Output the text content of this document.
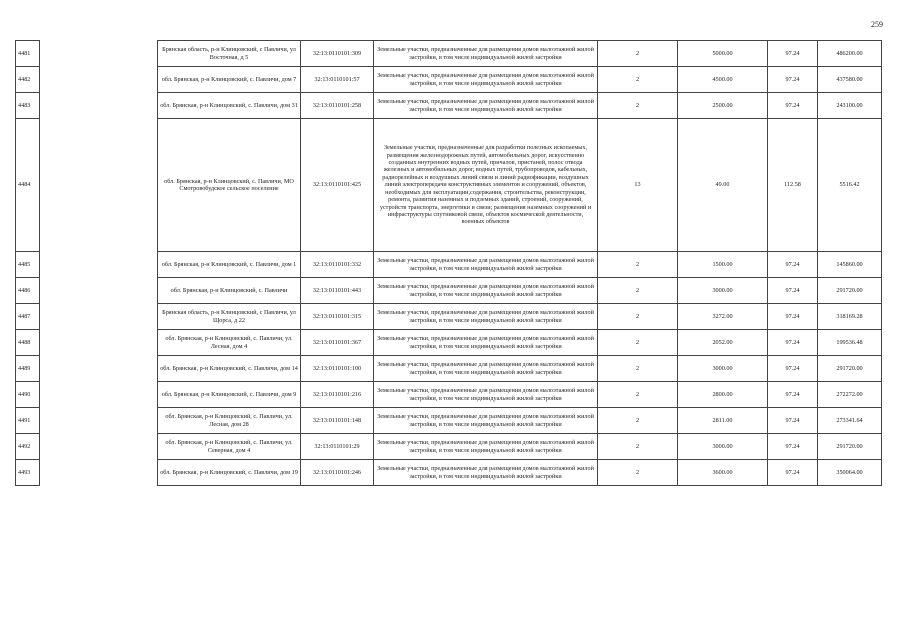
259
4481		Брянская область, р-н Клинцовский, с Павличи, ул Восточная, д 5	32:13:0110101:309	Земельные участки, предназначенные для размещения домов малоэтажной жилой застройки, в том числе индивидуальной жилой застройки	2	5000.00	97.24	486200.00
4482		обл. Брянская, р-н Клинцовский, с. Павличи, дом 7	32:13:0110101:57	Земельные участки, предназначенные для размещения домов малоэтажной жилой застройки, в том числе индивидуальной жилой застройки	2	4500.00	97.24	437580.00
4483		обл. Брянская, р-н Клинцовский, с. Павличи, дом 31	32:13:0110101:258	Земельные участки, предназначенные для размещения домов малоэтажной жилой застройки, в том числе индивидуальной жилой застройки	2	2500.00	97.24	243100.00
4484		обл. Брянская, р-н Клинцовский, с. Павличи, МО Смотровобудское сельское поселение	32:13:0110101:425	Земельные участки, предназначенные для разработки полезных ископаемых, размещения железнодорожных путей, автомобильных дорог, искусственно созданных внутренних водных путей, причалов, пристаней, полос отвода железных и автомобильных дорог, водных путей, трубопроводов, кабельных, радиорелейных и воздушных линий связи и линий радиофикации, воздушных линий электропередачи конструктивных элементов и сооружений, объектов, необходимых для эксплуатации,содержания, строительства, реконструкции, ремонта, развития наземных и подземных зданий, строений, сооружений, устройств транспорта, энергетики и связи; размещения наземных сооружений и инфраструктуры спутниковой связи, объектов космической деятельности, военных объектов	13	49.00	112.58	5516.42
4485		обл. Брянская, р-н Клинцовский, с. Павличи, дом 1	32:13:0110101:332	Земельные участки, предназначенные для размещения домов малоэтажной жилой застройки, в том числе индивидуальной жилой застройки	2	1500.00	97.24	145860.00
4486		обл. Брянская, р-н Клинцовский, с. Павличи	32:13:0110101:443	Земельные участки, предназначенные для размещения домов малоэтажной жилой застройки, в том числе индивидуальной жилой застройки	2	3000.00	97.24	291720.00
4487		Брянская область, р-н Клинцовский, с Павличи, ул Щорса, д 22	32:13:0110101:315	Земельные участки, предназначенные для размещения домов малоэтажной жилой застройки, в том числе индивидуальной жилой застройки	2	3272.00	97.24	318169.28
4488		обл. Брянская, р-н Клинцовский, с. Павличи, ул. Лесная, дом 4	32:13:0110101:367	Земельные участки, предназначенные для размещения домов малоэтажной жилой застройки, в том числе индивидуальной жилой застройки	2	2052.00	97.24	199536.48
4489		обл. Брянская, р-н Клинцовский, с. Павличи, дом 14	32:13:0110101:100	Земельные участки, предназначенные для размещения домов малоэтажной жилой застройки, в том числе индивидуальной жилой застройки	2	3000.00	97.24	291720.00
4490		обл. Брянская, р-н Клинцовский, с. Павличи, дом 9	32:13:0110101:216	Земельные участки, предназначенные для размещения домов малоэтажной жилой застройки, в том числе индивидуальной жилой застройки	2	2800.00	97.24	272272.00
4491		обл. Брянская, р-н Клинцовский, с. Павличи, ул. Лесная, дом 28	32:13:0110101:148	Земельные участки, предназначенные для размещения домов малоэтажной жилой застройки, в том числе индивидуальной жилой застройки	2	2811.00	97.24	273341.64
4492		обл. Брянская, р-н Клинцовский, с. Павличи, ул. Северная, дом 4	32:13:0110101:29	Земельные участки, предназначенные для размещения домов малоэтажной жилой застройки, в том числе индивидуальной жилой застройки	2	3000.00	97.24	291720.00
4493		обл. Брянская, р-н Клинцовский, с. Павличи, дом 19	32:13:0110101:246	Земельные участки, предназначенные для размещения домов малоэтажной жилой застройки, в том числе индивидуальной жилой застройки	2	3600.00	97.24	350064.00
